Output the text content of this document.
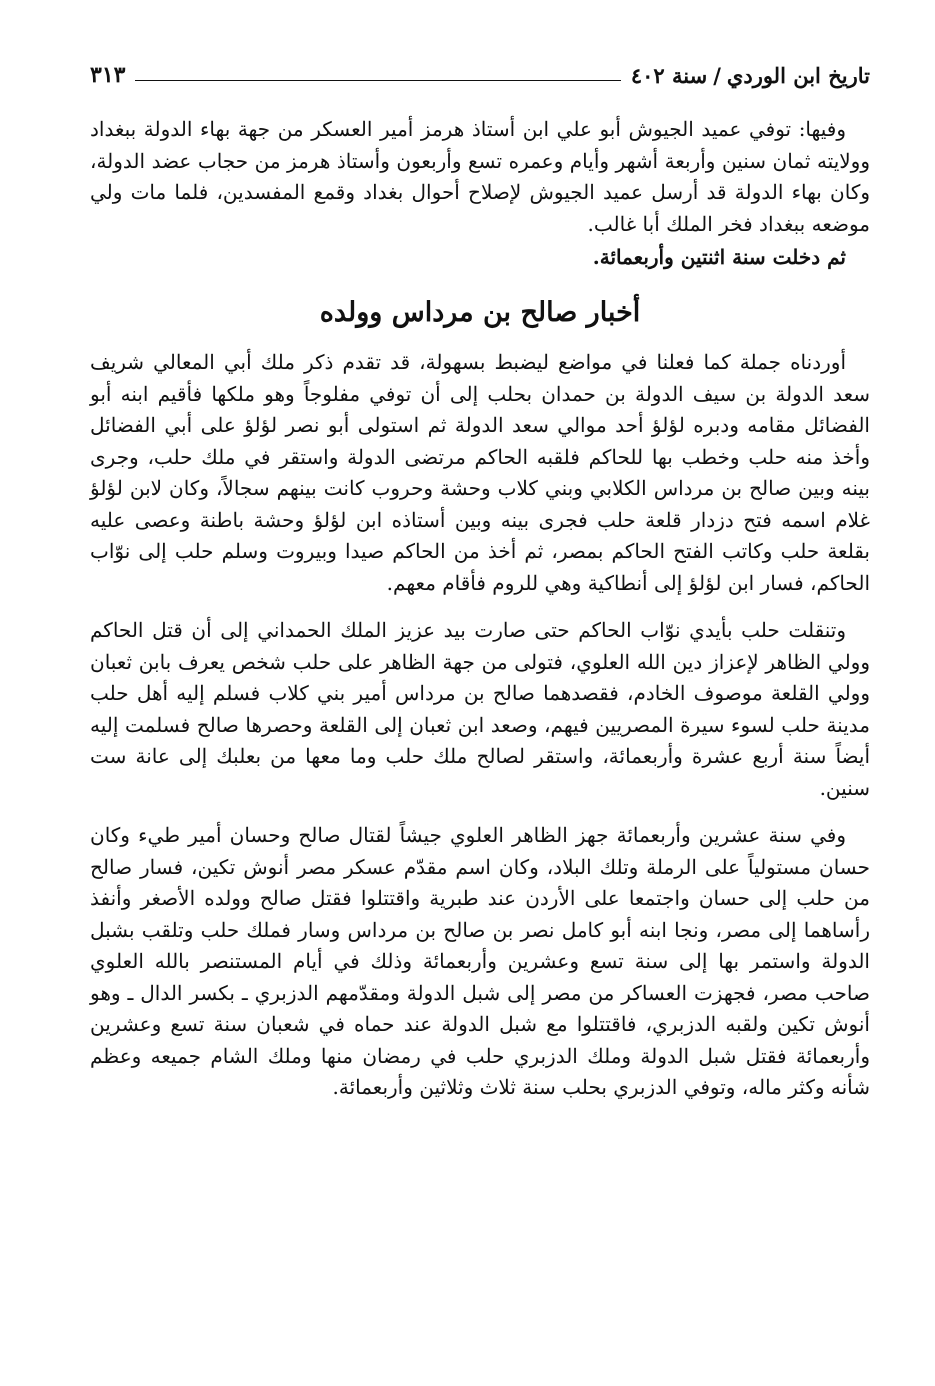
تاريخ ابن الوردي
/
سنة ٤٠٢
٣١٣

وفيها: توفي عميد الجيوش أبو علي ابن أستاذ هرمز أمير العسكر من جهة بهاء الدولة ببغداد وولايته ثمان سنين وأربعة أشهر وأيام وعمره تسع وأربعون وأستاذ هرمز من حجاب عضد الدولة، وكان بهاء الدولة قد أرسل عميد الجيوش لإصلاح أحوال بغداد وقمع المفسدين، فلما مات ولي موضعه ببغداد فخر الملك أبا غالب.

ثم دخلت سنة اثنتين وأربعمائة.

أخبار صالح بن مرداس وولده

أوردناه جملة كما فعلنا في مواضع ليضبط بسهولة، قد تقدم ذكر ملك أبي المعالي شريف سعد الدولة بن سيف الدولة بن حمدان بحلب إلى أن توفي مفلوجاً وهو ملكها فأقيم ابنه أبو الفضائل مقامه ودبره لؤلؤ أحد موالي سعد الدولة ثم استولى أبو نصر لؤلؤ على أبي الفضائل وأخذ منه حلب وخطب بها للحاكم فلقبه الحاكم مرتضى الدولة واستقر في ملك حلب، وجرى بينه وبين صالح بن مرداس الكلابي وبني كلاب وحشة وحروب كانت بينهم سجالاً، وكان لابن لؤلؤ غلام اسمه فتح دزدار قلعة حلب فجرى بينه وبين أستاذه ابن لؤلؤ وحشة باطنة وعصى عليه بقلعة حلب وكاتب الفتح الحاكم بمصر، ثم أخذ من الحاكم صيدا وبيروت وسلم حلب إلى نوّاب الحاكم، فسار ابن لؤلؤ إلى أنطاكية وهي للروم فأقام معهم.

وتنقلت حلب بأيدي نوّاب الحاكم حتى صارت بيد عزيز الملك الحمداني إلى أن قتل الحاكم وولي الظاهر لإعزاز دين الله العلوي، فتولى من جهة الظاهر على حلب شخص يعرف بابن ثعبان وولي القلعة موصوف الخادم، فقصدهما صالح بن مرداس أمير بني كلاب فسلم إليه أهل حلب مدينة حلب لسوء سيرة المصريين فيهم، وصعد ابن ثعبان إلى القلعة وحصرها صالح فسلمت إليه أيضاً سنة أربع عشرة وأربعمائة، واستقر لصالح ملك حلب وما معها من بعلبك إلى عانة ست سنين.

وفي سنة عشرين وأربعمائة جهز الظاهر العلوي جيشاً لقتال صالح وحسان أمير طيء وكان حسان مستولياً على الرملة وتلك البلاد، وكان اسم مقدّم عسكر مصر أنوش تكين، فسار صالح من حلب إلى حسان واجتمعا على الأردن عند طبرية واقتتلوا فقتل صالح وولده الأصغر وأنفذ رأساهما إلى مصر، ونجا ابنه أبو كامل نصر بن صالح بن مرداس وسار فملك حلب وتلقب بشبل الدولة واستمر بها إلى سنة تسع وعشرين وأربعمائة وذلك في أيام المستنصر بالله العلوي صاحب مصر، فجهزت العساكر من مصر إلى شبل الدولة ومقدّمهم الدزبري ـ بكسر الدال ـ وهو أنوش تكين ولقبه الدزبري، فاقتتلوا مع شبل الدولة عند حماه في شعبان سنة تسع وعشرين وأربعمائة فقتل شبل الدولة وملك الدزبري حلب في رمضان منها وملك الشام جميعه وعظم شأنه وكثر ماله، وتوفي الدزبري بحلب سنة ثلاث وثلاثين وأربعمائة.
